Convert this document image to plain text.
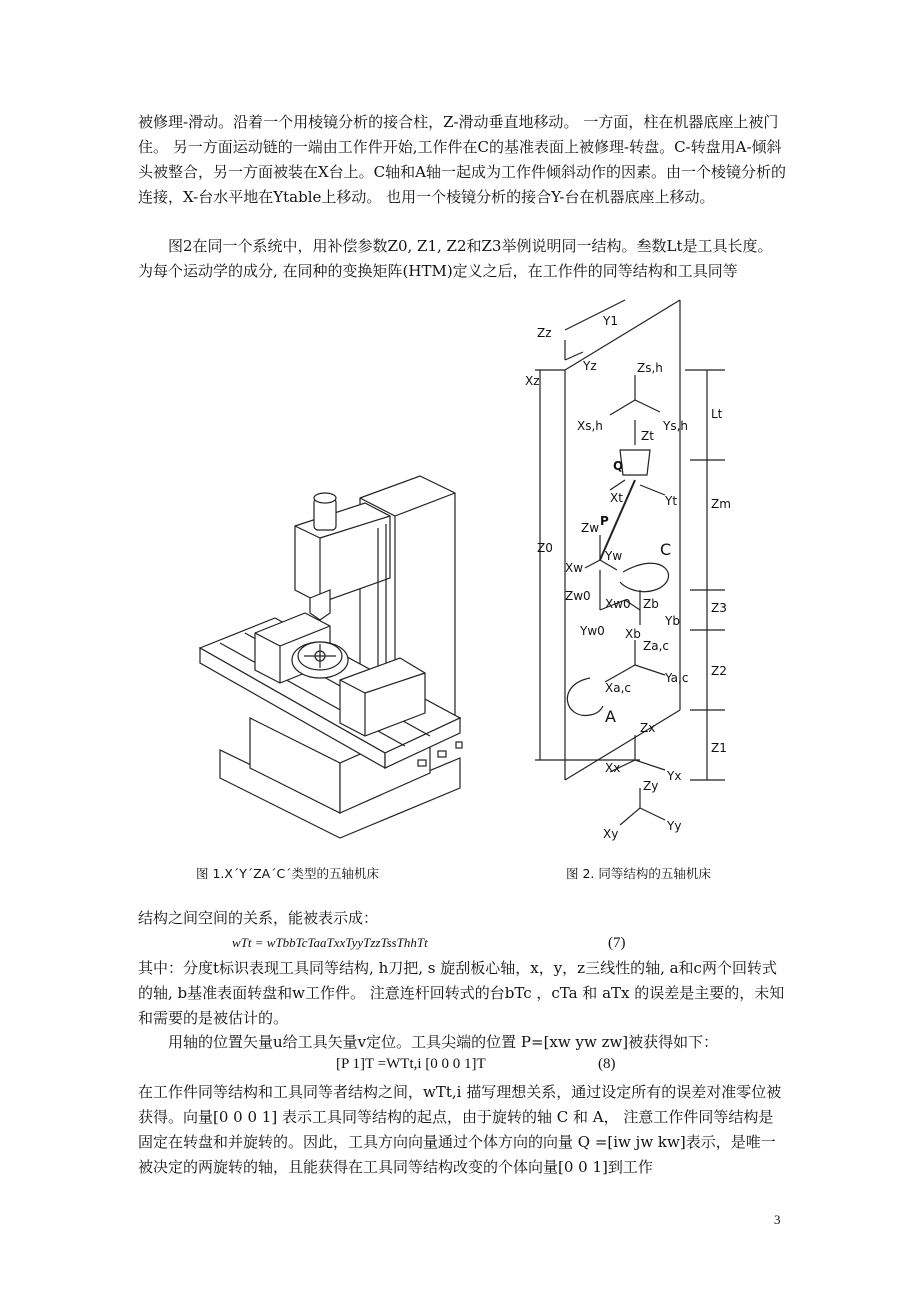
被修理-滑动。沿着一个用棱镜分析的接合柱，Z-滑动垂直地移动。 一方面，柱在机器底座上被门住。 另一方面运动链的一端由工作件开始,工作件在C的基准表面上被修理-转盘。C-转盘用A-倾斜头被整合，另一方面被装在X台上。C轴和A轴一起成为工作件倾斜动作的因素。由一个棱镜分析的连接，X-台水平地在Ytable上移动。 也用一个棱镜分析的接合Y-台在机器底座上移动。

图2在同一个系统中，用补偿参数Z0, Z1, Z2和Z3举例说明同一结构。叁数Lt是工具长度。为每个运动学的成分, 在同种的变换矩阵(HTM)定义之后，在工作件的同等结构和工具同等

Y1
Zz
Yz
Xz
Zs,h
Xs,h	Ys,h
Lt
Zt
Q
Xt	Yt
P
Zw
Yw
Xw
Zm
C
Z0
Zw0
Xw0
Yw0
Zb
Yb
Xb
Z3
Za,c
Ya,c
Xa,c
Z2
A
Zx
Xx
Yx
Z1
Zy
Xy
Yy
图 1.X´Y´ZA´C´类型的五轴机床	图 2. 同等结构的五轴机床

结构之间空间的关系，能被表示成：

wTt = wTbbTcTaaTxxTyyTzzTssThhTt	(7)

其中：分度t标识表现工具同等结构, h刀把, s 旋刮板心轴，x，y，z三线性的轴, a和c两个回转式的轴, b基准表面转盘和w工作件。 注意连杆回转式的台bTc ，cTa 和 aTx 的误差是主要的，未知和需要的是被估计的。

用轴的位置矢量u给工具矢量v定位。工具尖端的位置 P=[xw yw zw]被获得如下：

[P 1]T =WTt,i [0 0 0 1]T	(8)

在工作件同等结构和工具同等者结构之间，wTt,i 描写理想关系，通过设定所有的误差对准零位被获得。向量[0 0 0 1] 表示工具同等结构的起点，由于旋转的轴 C 和 A， 注意工作件同等结构是固定在转盘和并旋转的。因此，工具方向向量通过个体方向的向量 Q =[iw jw kw]表示，是唯一被决定的两旋转的轴，且能获得在工具同等结构改变的个体向量[0 0 1]到工作

3
